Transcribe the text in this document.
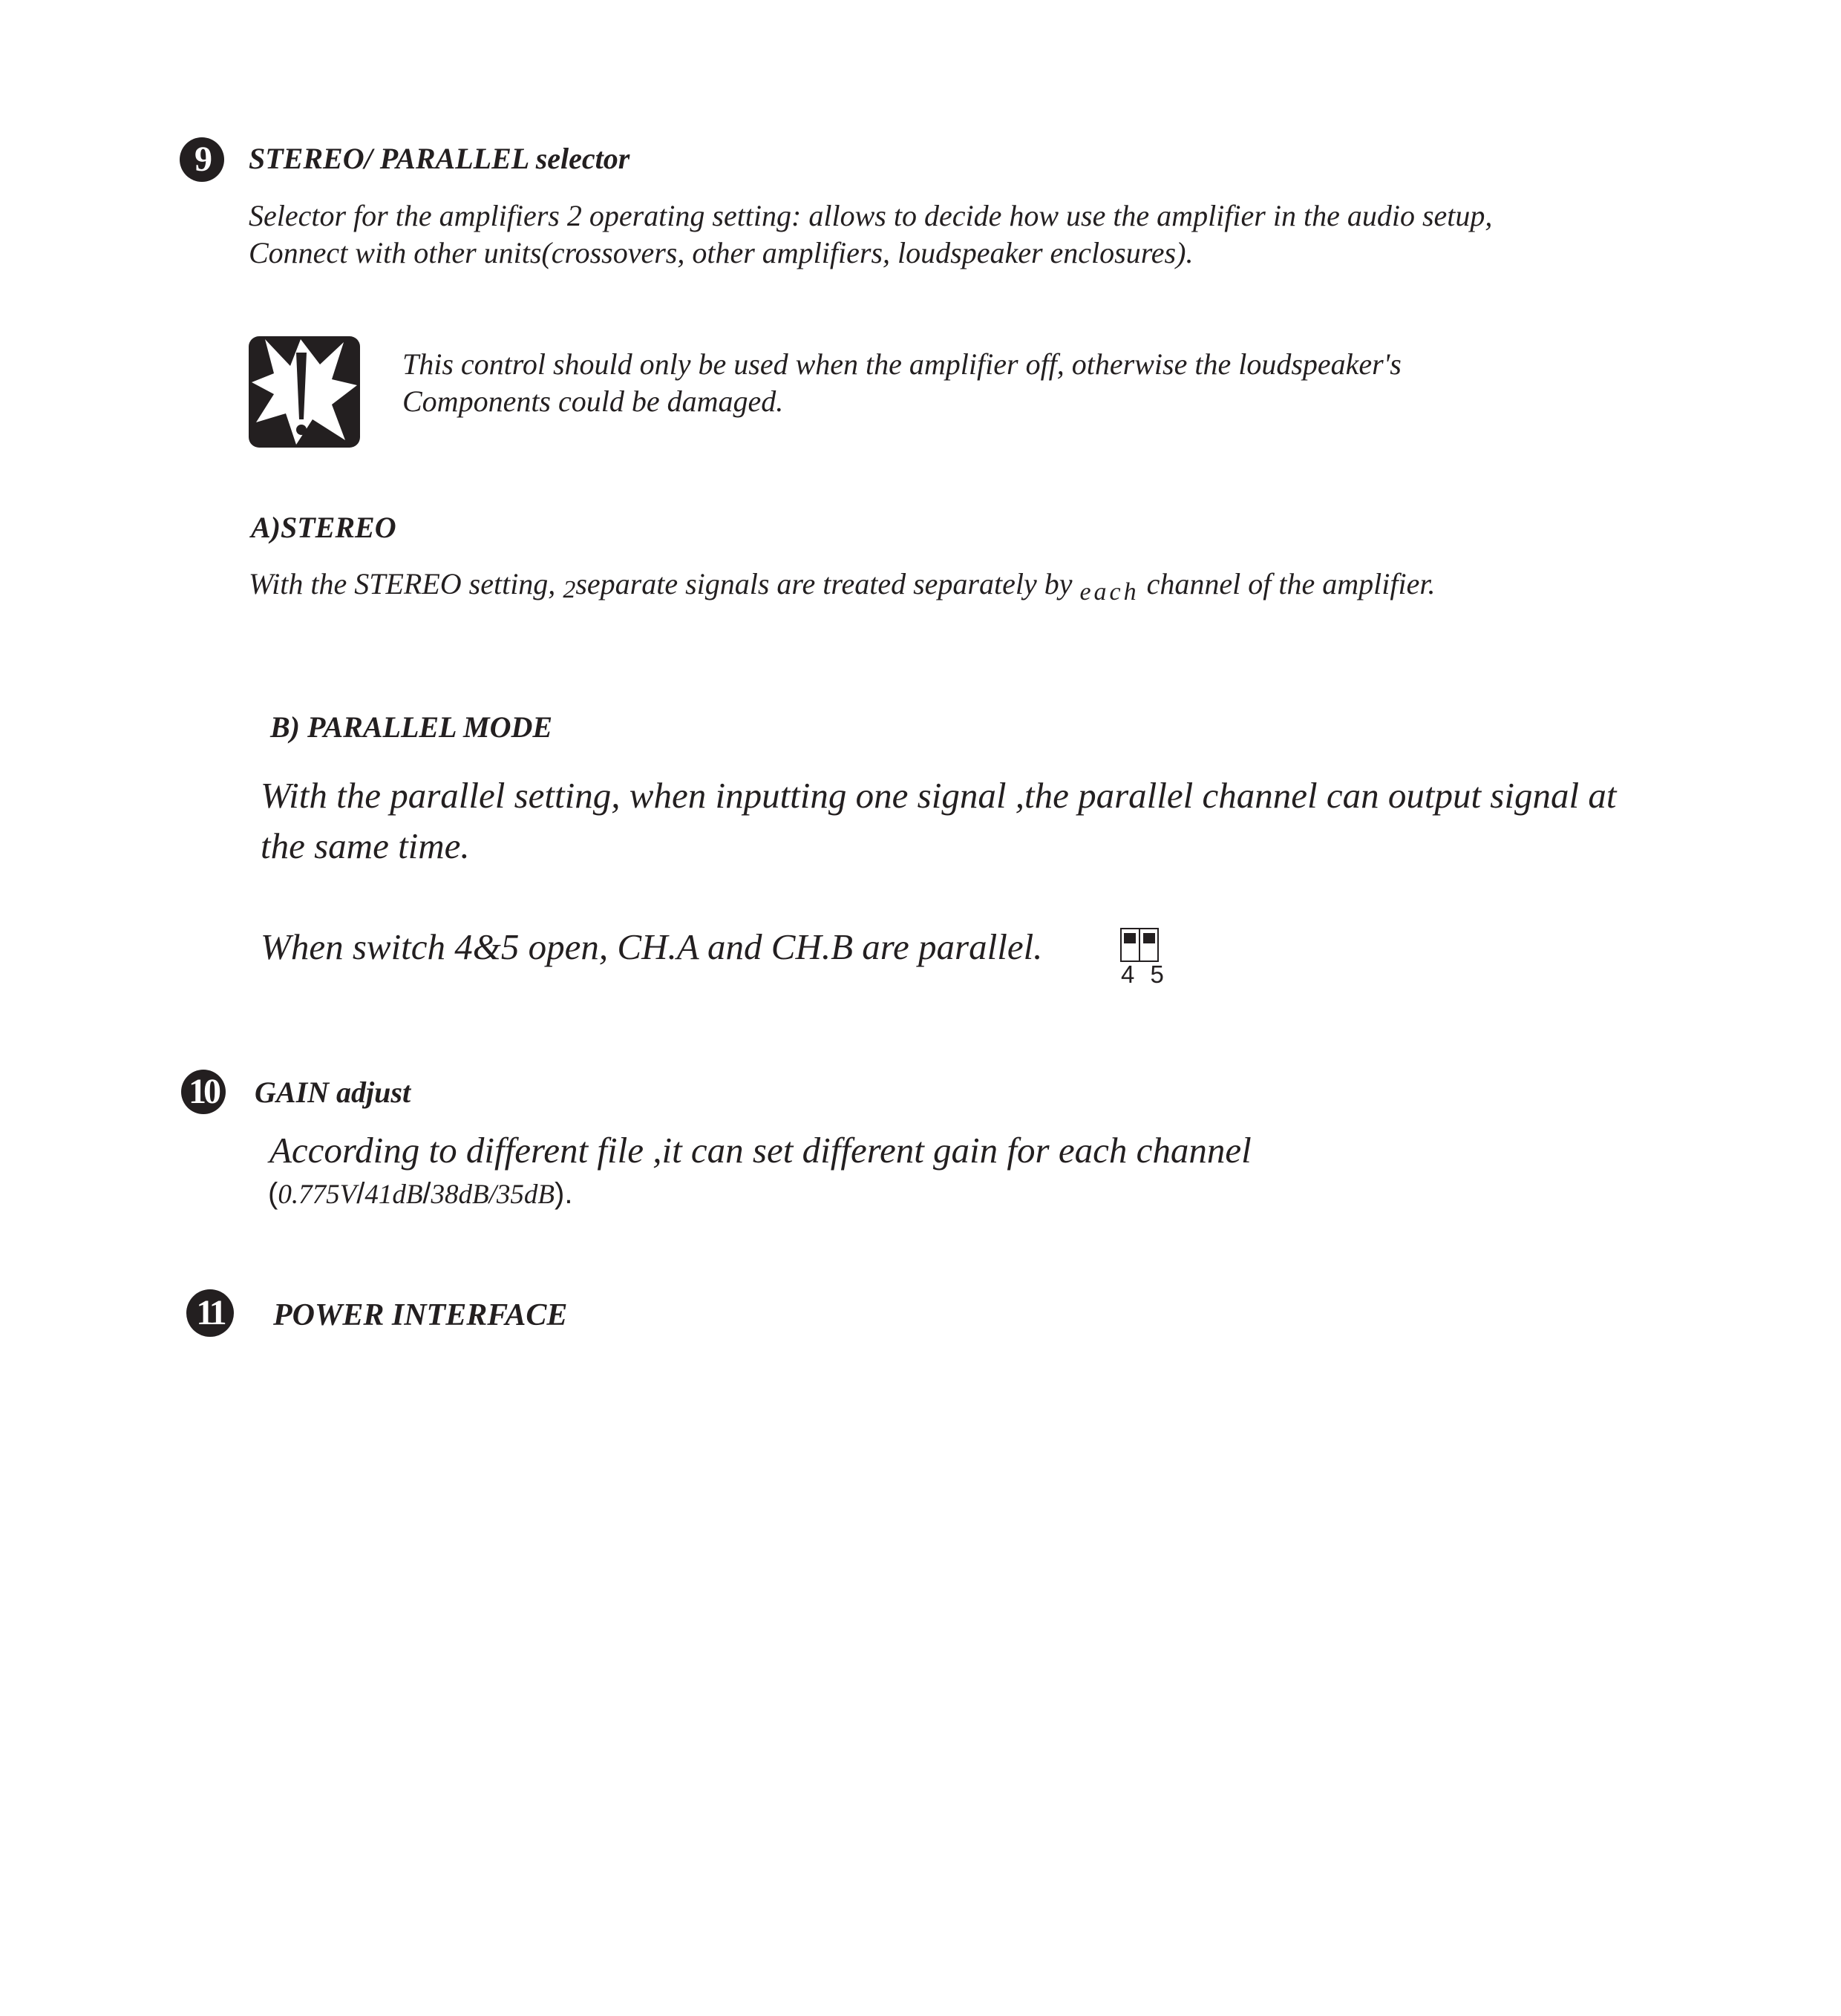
9	STEREO/ PARALLEL selector
Selector for the amplifiers 2 operating setting: allows to decide how use the amplifier in the audio setup,
Connect with other units(crossovers, other amplifiers, loudspeaker enclosures).
This control should only be used when the amplifier off, otherwise the loudspeaker's
Components could be damaged.
A)STEREO
With the STEREO setting, 2separate signals are treated separately by $_{each}$ channel of the amplifier.
B) PARALLEL MODE
With the parallel setting, when inputting one signal ,the parallel channel can output signal at
the same time.
When switch 4&5 open, CH.A and CH.B are parallel.
4 5
10 GAIN adjust
According to different file ,it can set different gain for each channel
(0.775V/41dB/38dB/35dB).
11	POWER INTERFACE
